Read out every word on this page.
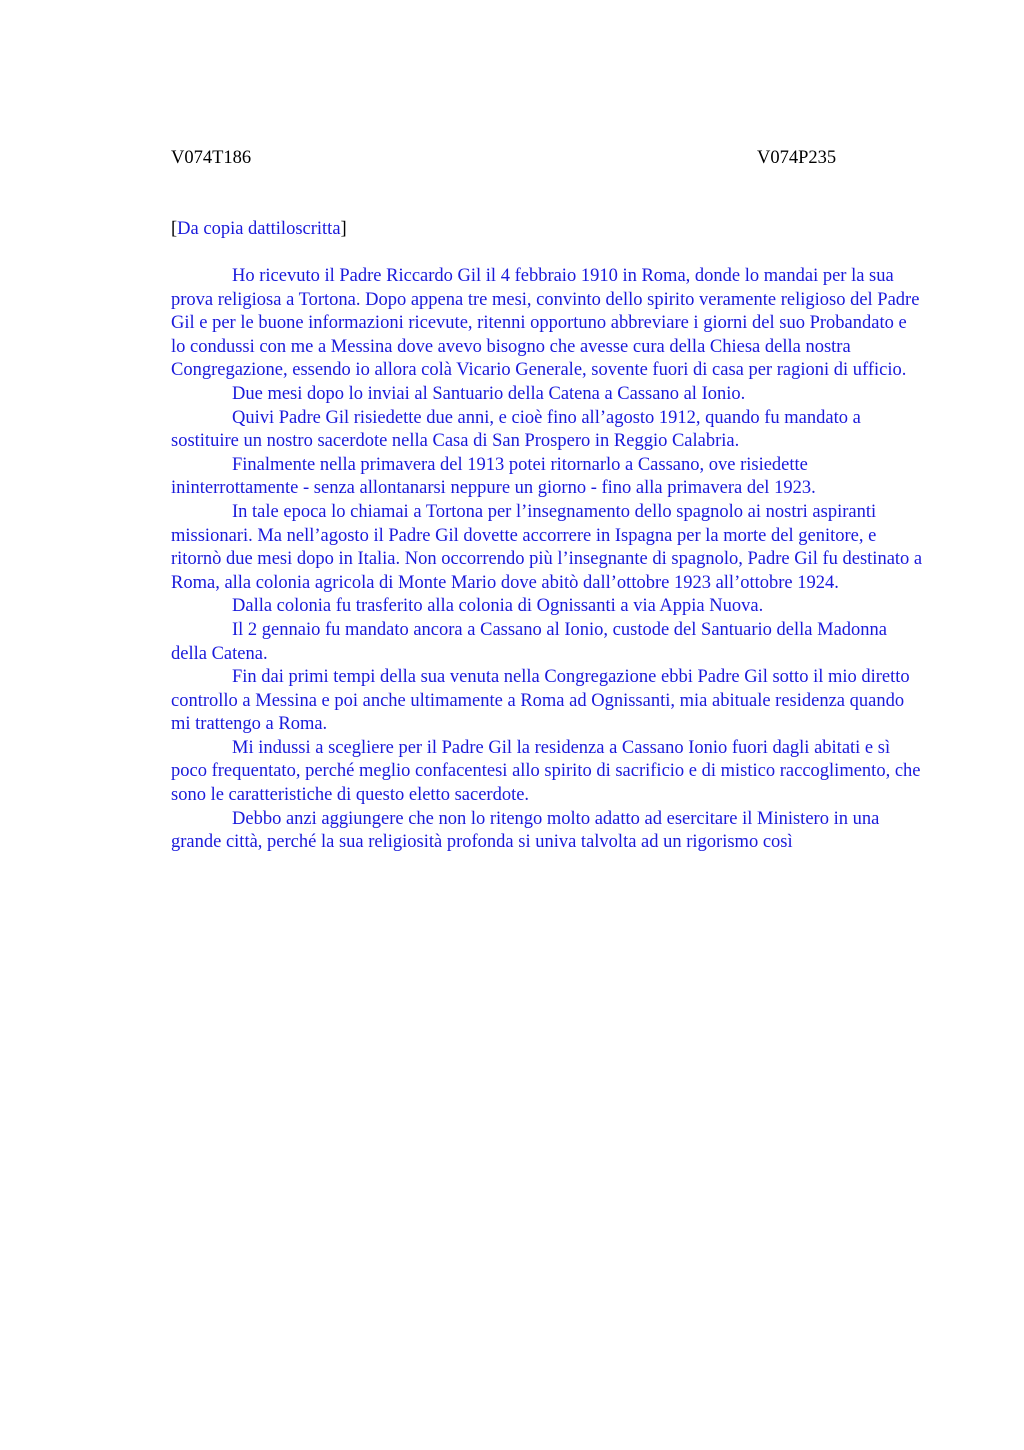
V074T186	V074P235
[Da copia dattiloscritta]

Ho ricevuto il Padre Riccardo Gil il 4 febbraio 1910 in Roma, donde lo mandai per la sua prova religiosa a Tortona. Dopo appena tre mesi, convinto dello spirito veramente religioso del Padre Gil e per le buone informazioni ricevute, ritenni opportuno abbreviare i giorni del suo Probandato e lo condussi con me a Messina dove avevo bisogno che avesse cura della Chiesa della nostra Congregazione, essendo io allora colà Vicario Generale, sovente fuori di casa per ragioni di ufficio.

Due mesi dopo lo inviai al Santuario della Catena a Cassano al Ionio.

Quivi Padre Gil risiedette due anni, e cioè fino all’agosto 1912, quando fu mandato a sostituire un nostro sacerdote nella Casa di San Prospero in Reggio Calabria.

Finalmente nella primavera del 1913 potei ritornarlo a Cassano, ove risiedette ininterrottamente - senza allontanarsi neppure un giorno - fino alla primavera del 1923.

In tale epoca lo chiamai a Tortona per l’insegnamento dello spagnolo ai nostri aspiranti missionari. Ma nell’agosto il Padre Gil dovette accorrere in Ispagna per la morte del genitore, e ritornò due mesi dopo in Italia. Non occorrendo più l’insegnante di spagnolo, Padre Gil fu destinato a Roma, alla colonia agricola di Monte Mario dove abitò dall’ottobre 1923 all’ottobre 1924.

Dalla colonia fu trasferito alla colonia di Ognissanti a via Appia Nuova.

Il 2 gennaio fu mandato ancora a Cassano al Ionio, custode del Santuario della Madonna della Catena.

Fin dai primi tempi della sua venuta nella Congregazione ebbi Padre Gil sotto il mio diretto controllo a Messina e poi anche ultimamente a Roma ad Ognissanti, mia abituale residenza quando mi trattengo a Roma.

Mi indussi a scegliere per il Padre Gil la residenza a Cassano Ionio fuori dagli abitati e sì poco frequentato, perché meglio confacentesi allo spirito di sacrificio e di mistico raccoglimento, che sono le caratteristiche di questo eletto sacerdote.

Debbo anzi aggiungere che non lo ritengo molto adatto ad esercitare il Ministero in una grande città, perché la sua religiosità profonda si univa talvolta ad un rigorismo così
